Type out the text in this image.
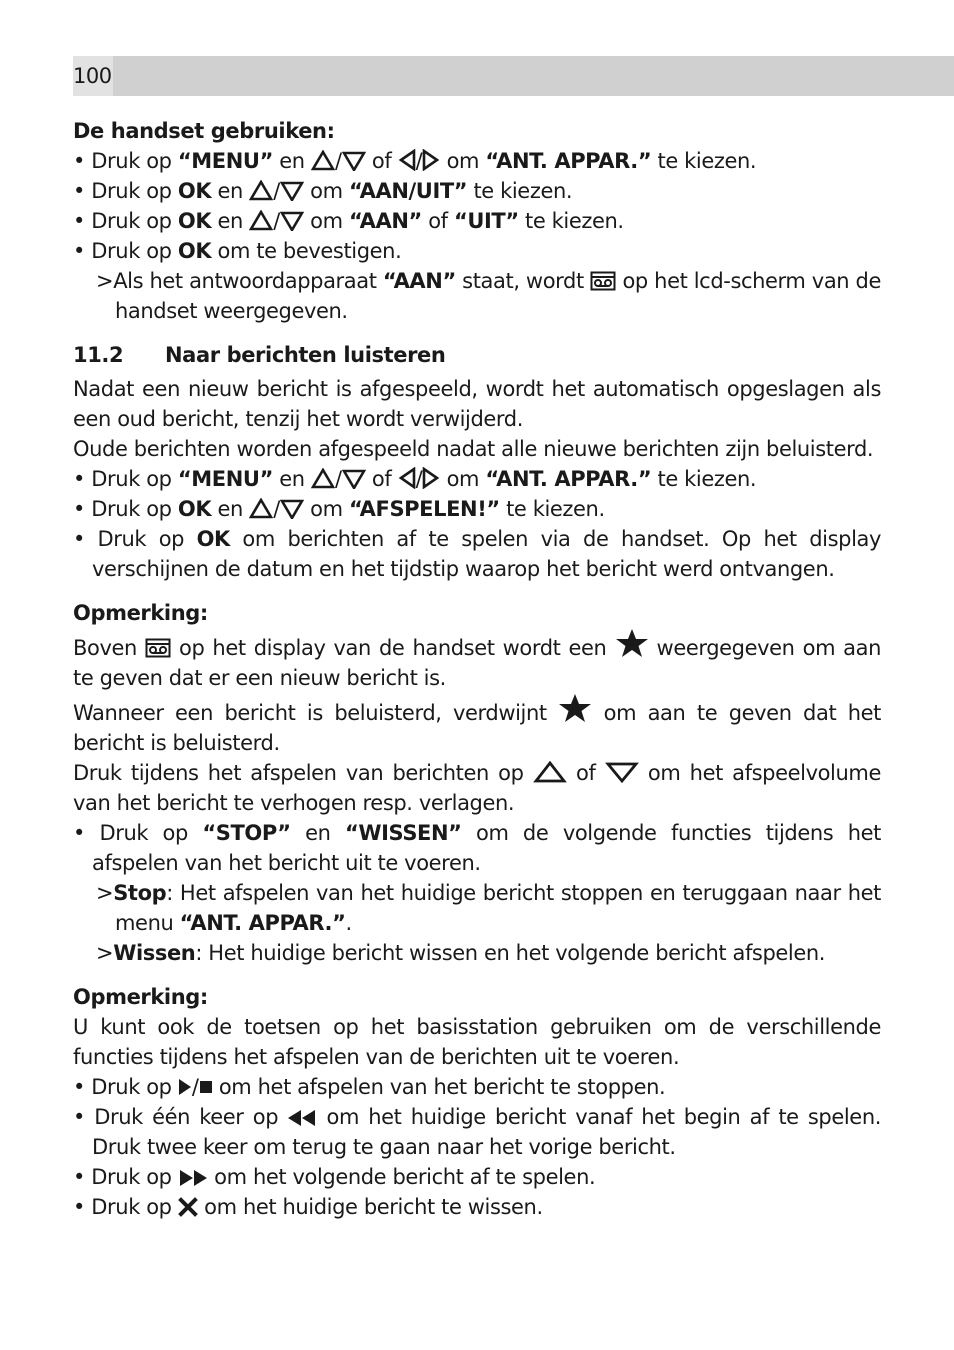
100
De handset gebruiken:
• Druk op “MENU” en
/
of
/
om “ANT. APPAR.” te kiezen.
• Druk op OK en
/
om “AAN/UIT” te kiezen.
• Druk op OK en
/
om “AAN” of “UIT” te kiezen.
• Druk op OK om te bevestigen.
>Als het antwoordapparaat “AAN” staat, wordt
op het lcd-scherm van de handset weergegeven.
11.2 Naar berichten luisteren
Nadat een nieuw bericht is afgespeeld, wordt het automatisch opgeslagen als een oud bericht, tenzij het wordt verwijderd.
Oude berichten worden afgespeeld nadat alle nieuwe berichten zijn beluisterd.
• Druk op “MENU” en
/
of
/
om “ANT. APPAR.” te kiezen.
• Druk op OK en
/
om “AFSPELEN!” te kiezen.
• Druk op OK om berichten af te spelen via de handset. Op het display verschijnen de datum en het tijdstip waarop het bericht werd ontvangen.
Opmerking:
Boven
op het display van de handset wordt een
weergegeven om aan te geven dat er een nieuw bericht is.
Wanneer een bericht is beluisterd, verdwijnt
om aan te geven dat het bericht is beluisterd.
Druk tijdens het afspelen van berichten op
of
om het afspeelvolume van het bericht te verhogen resp. verlagen.
• Druk op “STOP” en “WISSEN” om de volgende functies tijdens het afspelen van het bericht uit te voeren.
>Stop: Het afspelen van het huidige bericht stoppen en teruggaan naar het menu “ANT. APPAR.”.
>Wissen: Het huidige bericht wissen en het volgende bericht afspelen.
Opmerking:
U kunt ook de toetsen op het basisstation gebruiken om de verschillende functies tijdens het afspelen van de berichten uit te voeren.
• Druk op
/
om het afspelen van het bericht te stoppen.
• Druk één keer op
om het huidige bericht vanaf het begin af te spelen. Druk twee keer om terug te gaan naar het vorige bericht.
• Druk op
om het volgende bericht af te spelen.
• Druk op
om het huidige bericht te wissen.
